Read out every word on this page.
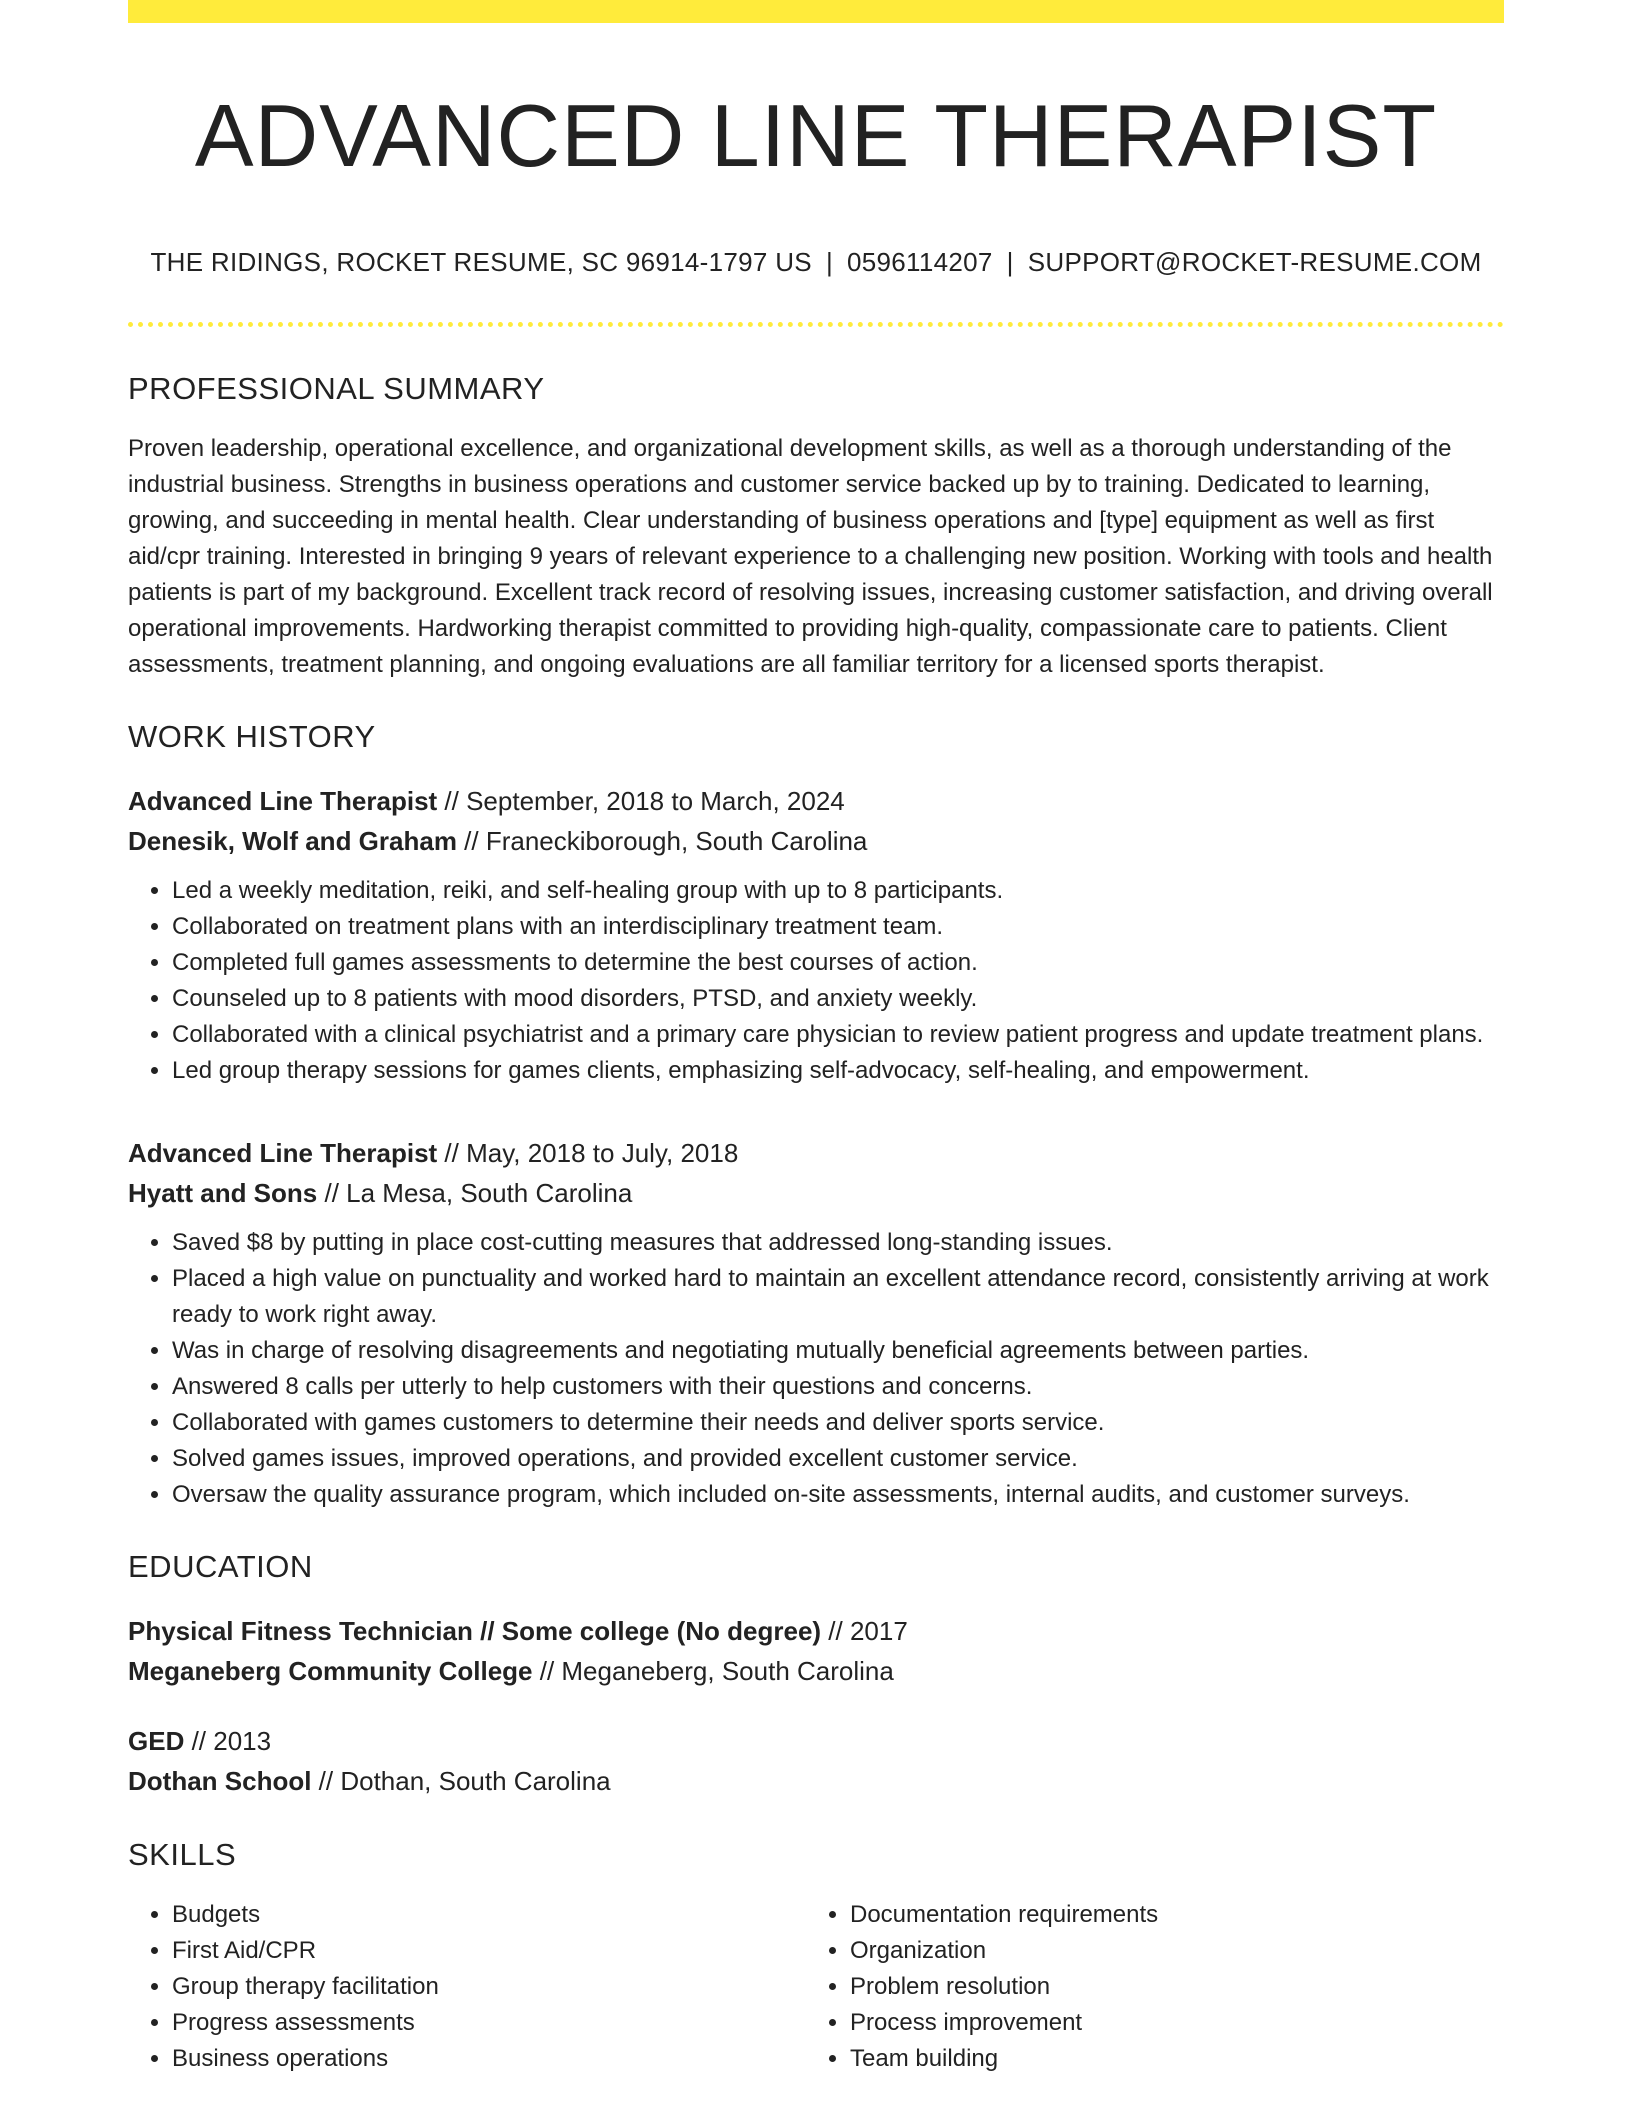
ADVANCED LINE THERAPIST
THE RIDINGS, ROCKET RESUME, SC 96914-1797 US | 0596114207 | SUPPORT@ROCKET-RESUME.COM
PROFESSIONAL SUMMARY
Proven leadership, operational excellence, and organizational development skills, as well as a thorough understanding of the industrial business. Strengths in business operations and customer service backed up by to training. Dedicated to learning, growing, and succeeding in mental health. Clear understanding of business operations and [type] equipment as well as first aid/cpr training. Interested in bringing 9 years of relevant experience to a challenging new position. Working with tools and health patients is part of my background. Excellent track record of resolving issues, increasing customer satisfaction, and driving overall operational improvements. Hardworking therapist committed to providing high-quality, compassionate care to patients. Client assessments, treatment planning, and ongoing evaluations are all familiar territory for a licensed sports therapist.
WORK HISTORY
Advanced Line Therapist // September, 2018 to March, 2024
Denesik, Wolf and Graham // Franeckiborough, South Carolina
• Led a weekly meditation, reiki, and self-healing group with up to 8 participants.
• Collaborated on treatment plans with an interdisciplinary treatment team.
• Completed full games assessments to determine the best courses of action.
• Counseled up to 8 patients with mood disorders, PTSD, and anxiety weekly.
• Collaborated with a clinical psychiatrist and a primary care physician to review patient progress and update treatment plans.
• Led group therapy sessions for games clients, emphasizing self-advocacy, self-healing, and empowerment.
Advanced Line Therapist // May, 2018 to July, 2018
Hyatt and Sons // La Mesa, South Carolina
• Saved $8 by putting in place cost-cutting measures that addressed long-standing issues.
• Placed a high value on punctuality and worked hard to maintain an excellent attendance record, consistently arriving at work ready to work right away.
• Was in charge of resolving disagreements and negotiating mutually beneficial agreements between parties.
• Answered 8 calls per utterly to help customers with their questions and concerns.
• Collaborated with games customers to determine their needs and deliver sports service.
• Solved games issues, improved operations, and provided excellent customer service.
• Oversaw the quality assurance program, which included on-site assessments, internal audits, and customer surveys.
EDUCATION
Physical Fitness Technician // Some college (No degree) // 2017
Meganeberg Community College // Meganeberg, South Carolina
GED // 2013
Dothan School // Dothan, South Carolina
SKILLS
• Budgets
• First Aid/CPR
• Group therapy facilitation
• Progress assessments
• Business operations
• Documentation requirements
• Organization
• Problem resolution
• Process improvement
• Team building
